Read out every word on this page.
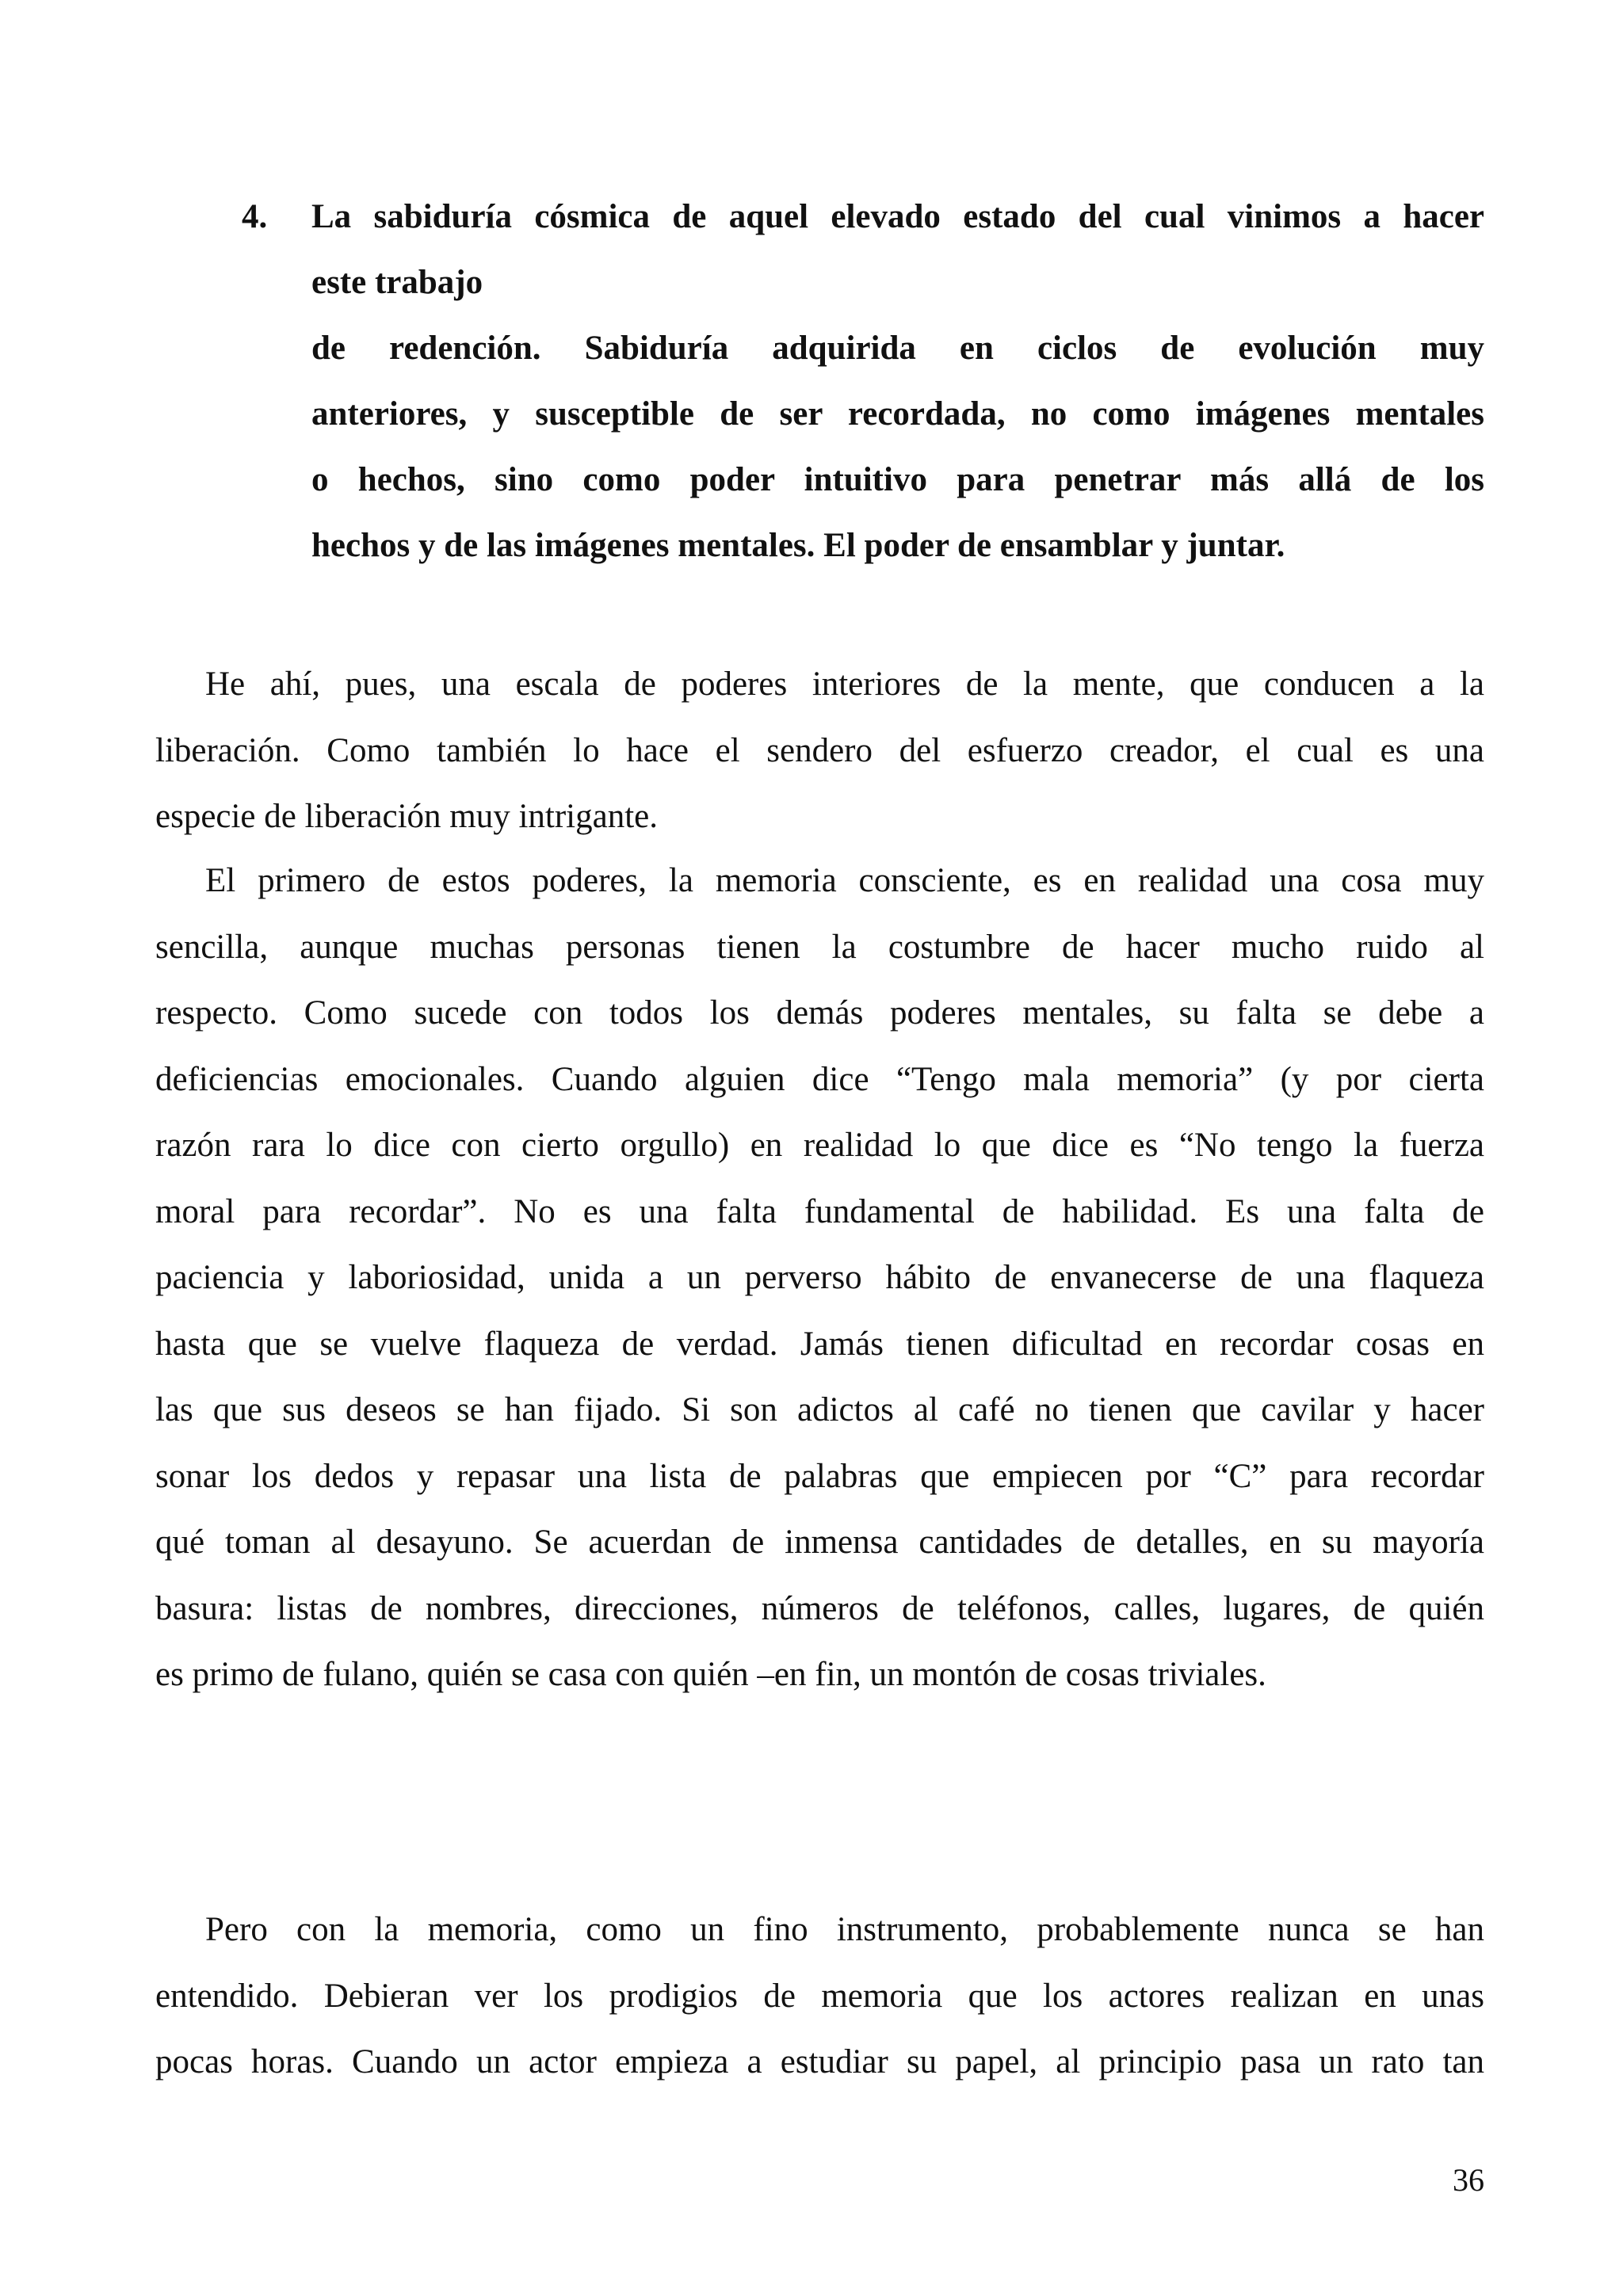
4. La sabiduría cósmica de aquel elevado estado del cual vinimos a hacer
este trabajo
de redención. Sabiduría adquirida en ciclos de evolución muy
anteriores, y susceptible de ser recordada, no como imágenes mentales
o hechos, sino como poder intuitivo para penetrar más allá de los
hechos y de las imágenes mentales. El poder de ensamblar y juntar.

He ahí, pues, una escala de poderes interiores de la mente, que conducen a la
liberación. Como también lo hace el sendero del esfuerzo creador, el cual es una
especie de liberación muy intrigante.

El primero de estos poderes, la memoria consciente, es en realidad una cosa muy
sencilla, aunque muchas personas tienen la costumbre de hacer mucho ruido al
respecto. Como sucede con todos los demás poderes mentales, su falta se debe a
deficiencias emocionales. Cuando alguien dice “Tengo mala memoria” (y por cierta
razón rara lo dice con cierto orgullo) en realidad lo que dice es “No tengo la fuerza
moral para recordar”. No es una falta fundamental de habilidad. Es una falta de
paciencia y laboriosidad, unida a un perverso hábito de envanecerse de una flaqueza
hasta que se vuelve flaqueza de verdad. Jamás tienen dificultad en recordar cosas en
las que sus deseos se han fijado. Si son adictos al café no tienen que cavilar y hacer
sonar los dedos y repasar una lista de palabras que empiecen por “C” para recordar
qué toman al desayuno. Se acuerdan de inmensa cantidades de detalles, en su mayoría
basura: listas de nombres, direcciones, números de teléfonos, calles, lugares, de quién
es primo de fulano, quién se casa con quién –en fin, un montón de cosas triviales.

Pero con la memoria, como un fino instrumento, probablemente nunca se han
entendido. Debieran ver los prodigios de memoria que los actores realizan en unas
pocas horas. Cuando un actor empieza a estudiar su papel, al principio pasa un rato tan

36
